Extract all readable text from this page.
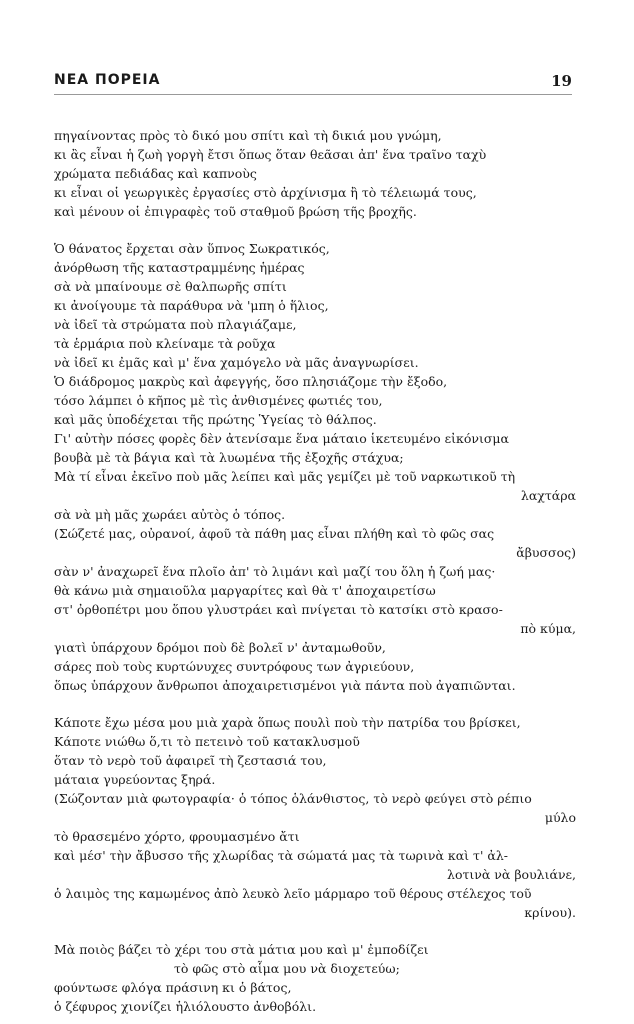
ΝΕΑ ΠΟΡΕΙΑ	19
πηγαίνοντας πρὸς τὸ δικό μου σπίτι καὶ τὴ δικιά μου γνώμη,
κι ἂς εἶναι ἡ ζωὴ γοργὴ ἔτσι ὅπως ὅταν θεᾶσαι ἀπ' ἕνα τραῖνο ταχὺ
χρώματα πεδιάδας καὶ καπνοὺς
κι εἶναι οἱ γεωργικὲς ἐργασίες στὸ ἀρχίνισμα ἢ τὸ τέλειωμά τους,
καὶ μένουν οἱ ἐπιγραφὲς τοῦ σταθμοῦ βρώση τῆς βροχῆς.
Ὁ θάνατος ἔρχεται σὰν ὕπνος Σωκρατικός,
ἀνόρθωση τῆς καταστραμμένης ἡμέρας
σὰ νὰ μπαίνουμε σὲ θαλπωρῆς σπίτι
κι ἀνοίγουμε τὰ παράθυρα νὰ 'μπη ὁ ἥλιος,
νὰ ἰδεῖ τὰ στρώματα ποὺ πλαγιάζαμε,
τὰ ἑρμάρια ποὺ κλείναμε τὰ ροῦχα
νὰ ἰδεῖ κι ἐμᾶς καὶ μ' ἕνα χαμόγελο νὰ μᾶς ἀναγνωρίσει.
Ὁ διάδρομος μακρὺς καὶ ἀφεγγής, ὅσο πλησιάζομε τὴν ἔξοδο,
τόσο λάμπει ὁ κῆπος μὲ τὶς ἀνθισμένες φωτιές του,
καὶ μᾶς ὑποδέχεται τῆς πρώτης Ὑγείας τὸ θάλπος.
Γι' αὐτὴν πόσες φορὲς δὲν ἀτενίσαμε ἕνα μάταιο ἱκετευμένο εἰκόνισμα
βουβὰ μὲ τὰ βάγια καὶ τὰ λυωμένα τῆς ἐξοχῆς στάχυα;
Μὰ τί εἶναι ἐκεῖνο ποὺ μᾶς λείπει καὶ μᾶς γεμίζει μὲ τοῦ ναρκωτικοῦ τὴ
λαχτάρα
σὰ νὰ μὴ μᾶς χωράει αὐτὸς ὁ τόπος.
(Σώζετέ μας, οὐρανοί, ἀφοῦ τὰ πάθη μας εἶναι πλήθη καὶ τὸ φῶς σας
ἄβυσσος)
σὰν ν' ἀναχωρεῖ ἕνα πλοῖο ἀπ' τὸ λιμάνι καὶ μαζί του ὅλη ἡ ζωή μας·
θὰ κάνω μιὰ σημαιοῦλα μαργαρίτες καὶ θὰ τ' ἀποχαιρετίσω
στ' ὀρθοπέτρι μου ὅπου γλυστράει καὶ πνίγεται τὸ κατσίκι στὸ κρασο-
πὸ κύμα,
γιατὶ ὑπάρχουν δρόμοι ποὺ δὲ βολεῖ ν' ἀνταμωθοῦν,
σάρες ποὺ τοὺς κυρτώνυχες συντρόφους των ἀγριεύουν,
ὅπως ὑπάρχουν ἄνθρωποι ἀποχαιρετισμένοι γιὰ πάντα ποὺ ἀγαπιῶνται.
Κάποτε ἔχω μέσα μου μιὰ χαρὰ ὅπως πουλὶ ποὺ τὴν πατρίδα του βρίσκει,
Κάποτε νιώθω ὅ,τι τὸ πετεινὸ τοῦ κατακλυσμοῦ
ὅταν τὸ νερὸ τοῦ ἀφαιρεῖ τὴ ζεστασιά του,
μάταια γυρεύοντας ξηρά.
(Σώζονταν μιὰ φωτογραφία· ὁ τόπος ὁλάνθιστος, τὸ νερὸ φεύγει στὸ ρέπιο
μύλο
τὸ θρασεμένο χόρτο, φρουμασμένο ἄτι
καὶ μέσ' τὴν ἄβυσσο τῆς χλωρίδας τὰ σώματά μας τὰ τωρινὰ καὶ τ' ἀλ-
λοτινὰ νὰ βουλιάνε,
ὁ λαιμὸς της καμωμένος ἀπὸ λευκὸ λεῖο μάρμαρο τοῦ θέρους στέλεχος τοῦ
κρίνου).
Μὰ ποιὸς βάζει τὸ χέρι του στὰ μάτια μου καὶ μ' ἐμποδίζει
τὸ φῶς στὸ αἷμα μου νὰ διοχετεύω;
φούντωσε φλόγα πράσινη κι ὁ βάτος,
ὁ ζέφυρος χιονίζει ἡλιόλουστο ἀνθοβόλι.
